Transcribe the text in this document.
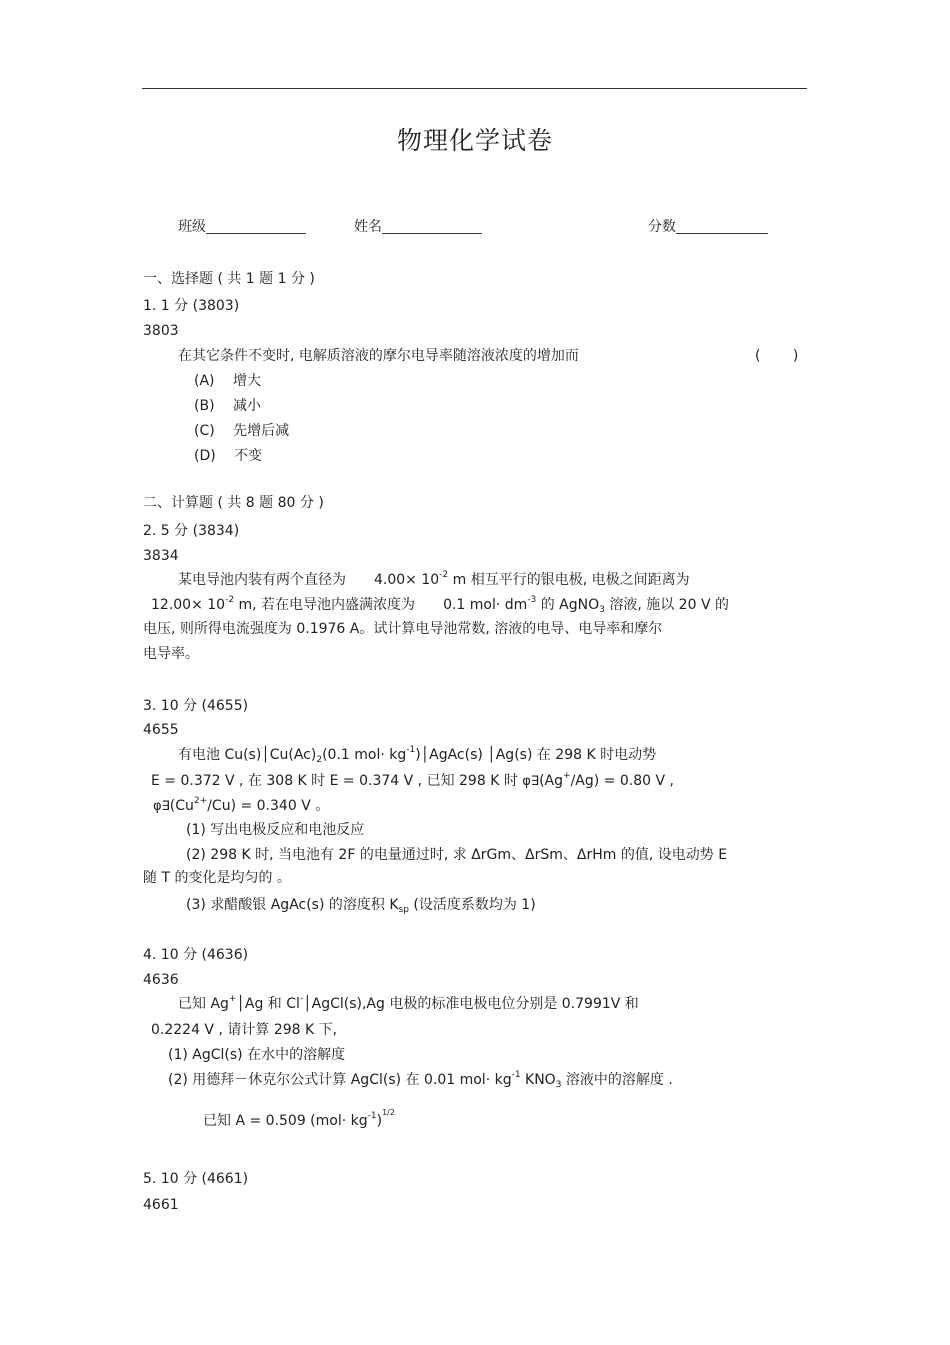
物理化学试卷
班级	姓名	分数
一、选择题 ( 共 1 题 1 分 )
1. 1 分 (3803)
3803
在其它条件不变时, 电解质溶液的摩尔电导率随溶液浓度的增加而	( )
(A) 增大
(B) 减小
(C) 先增后减
(D) 不变
二、计算题 ( 共 8 题 80 分 )
2. 5 分 (3834)
3834
某电导池内装有两个直径为 $4.00\times 10^{-2}$ m 相互平行的银电极, 电极之间距离为
$12.00\times 10^{-2}$ m, 若在电导池内盛满浓度为 0.1 $mol\cdot dm^{-3}$ 的 AgNO$_3$ 溶液, 施以 20 V 的
电压, 则所得电流强度为 0.1976 A。试计算电导池常数, 溶液的电导、电导率和摩尔
电导率。
3. 10 分 (4655)
4655
有电池 $Cu(s)│Cu(Ac)_2(0.1$ $mol\cdot kg^{-1})│AgAc(s)$ │Ag(s) 在 298 K 时电动势
E = 0.372 V , 在 308 K 时 E = 0.374 V , 已知 298 K 时 φ∃(Ag+/Ag) = 0.80 V ,
$\varphi\exists(Cu^{2+}/Cu) = 0.340$ V 。
(1) 写出电极反应和电池反应
(2) 298 K 时, 当电池有 2F 的电量通过时, 求 ΔrGm、ΔrSm、ΔrHm 的值, 设电动势 E
随 T 的变化是均匀的 。
(3) 求醋酸银 AgAc(s) 的溶度积 $K_{sp}$ (设活度系数均为 1)
4. 10 分 (4636)
4636
已知 Ag+│Ag 和 Cl-│AgCl(s),Ag 电极的标准电极电位分别是 0.7991V 和
0.2224 V , 请计算 298 K 下,
(1) AgCl(s) 在水中的溶解度
(2) 用德拜－休克尔公式计算 AgCl(s) 在 0.01 $mol\cdot kg^{-1}$ $KNO_3$ 溶液中的溶解度 .
已知 A = 0.509 $(mol\cdot kg^{-1})^{1/2}$
5. 10 分 (4661)
4661
